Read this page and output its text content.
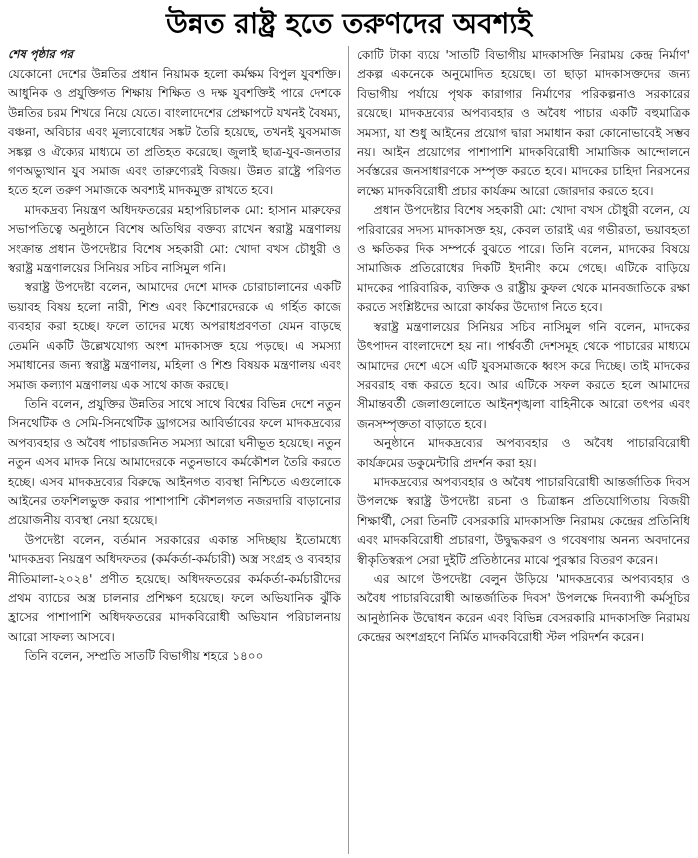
উন্নত রাষ্ট্র হতে তরুণদের অবশ্যই
শেষ পৃষ্ঠার পর

যেকোনো দেশের উন্নতির প্রধান নিয়ামক হলো কর্মক্ষম বিপুল যুবশক্তি। আধুনিক ও প্রযুক্তিগত শিক্ষায় শিক্ষিত ও দক্ষ যুবশক্তিই পারে দেশকে উন্নতির চরম শিখরে নিয়ে যেতে। বাংলাদেশের প্রেক্ষাপটে যখনই বৈষম্য, বঞ্চনা, অবিচার এবং মূল্যবোধের সঙ্কট তৈরি হয়েছে, তখনই যুবসমাজ সঙ্কল্প ও ঐক্যের মাধ্যমে তা প্রতিহত করেছে। জুলাই ছাত্র-যুব-জনতার গণঅভ্যুত্থান যুব সমাজ এবং তারুণ্যেরই বিজয়। উন্নত রাষ্ট্রে পরিণত হতে হলে তরুণ সমাজকে অবশ্যই মাদকমুক্ত রাখতে হবে।

মাদকদ্রব্য নিয়ন্ত্রণ অধিদফতরের মহাপরিচালক মো: হাসান মারুফের সভাপতিত্বে অনুষ্ঠানে বিশেষ অতিথির বক্তব্য রাখেন স্বরাষ্ট্র মন্ত্রণালয় সংক্রান্ত প্রধান উপদেষ্টার বিশেষ সহকারী মো: খোদা বখস চৌধুরী ও স্বরাষ্ট্র মন্ত্রণালয়ের সিনিয়র সচিব নাসিমুল গনি।

স্বরাষ্ট্র উপদেষ্টা বলেন, আমাদের দেশে মাদক চোরাচালানের একটি ভয়াবহ বিষয় হলো নারী, শিশু এবং কিশোরদেরকে এ গর্হিত কাজে ব্যবহার করা হচ্ছে। ফলে তাদের মধ্যে অপরাধপ্রবণতা যেমন বাড়ছে তেমনি একটি উল্লেখযোগ্য অংশ মাদকাসক্ত হয়ে পড়ছে। এ সমস্যা সমাধানের জন্য স্বরাষ্ট্র মন্ত্রণালয়, মহিলা ও শিশু বিষয়ক মন্ত্রণালয় এবং সমাজ কল্যাণ মন্ত্রণালয় এক সাথে কাজ করছে।

তিনি বলেন, প্রযুক্তির উন্নতির সাথে সাথে বিশ্বের বিভিন্ন দেশে নতুন সিনথেটিক ও সেমি-সিনথেটিক ড্রাগসের আবির্ভাবের ফলে মাদকদ্রব্যের অপব্যবহার ও অবৈধ পাচারজনিত সমস্যা আরো ঘনীভূত হয়েছে। নতুন নতুন এসব মাদক নিয়ে আমাদেরকে নতুনভাবে কর্মকৌশল তৈরি করতে হচ্ছে। এসব মাদকদ্রব্যের বিরুদ্ধে আইনগত ব্যবস্থা নিশ্চিতে এগুলোকে আইনের তফশিলভুক্ত করার পাশাপাশি কৌশলগত নজরদারি বাড়ানোর প্রয়োজনীয় ব্যবস্থা নেয়া হয়েছে।

উপদেষ্টা বলেন, বর্তমান সরকারের একান্ত সদিচ্ছায় ইতোমধ্যে 'মাদকদ্রব্য নিয়ন্ত্রণ অধিদফতর (কর্মকর্তা-কর্মচারী) অস্ত্র সংগ্রহ ও ব্যবহার নীতিমালা-২০২৪' প্রণীত হয়েছে। অধিদফতরের কর্মকর্তা-কর্মচারীদের প্রথম ব্যাচের অস্ত্র চালনার প্রশিক্ষণ হয়েছে। ফলে অভিযানিক ঝুঁকি হ্রাসের পাশাপাশি অধিদফতরের মাদকবিরোধী অভিযান পরিচালনায় আরো সাফল্য আসবে।

তিনি বলেন, সম্প্রতি সাতটি বিভাগীয় শহরে ১৪০০

কোটি টাকা ব্যয়ে 'সাতটি বিভাগীয় মাদকাসক্তি নিরাময় কেন্দ্র নির্মাণ' প্রকল্প একনেকে অনুমোদিত হয়েছে। তা ছাড়া মাদকাসক্তদের জন্য বিভাগীয় পর্যায়ে পৃথক কারাগার নির্মাণের পরিকল্পনাও সরকারের রয়েছে। মাদকদ্রব্যের অপব্যবহার ও অবৈধ পাচার একটি বহুমাত্রিক সমস্যা, যা শুধু আইনের প্রয়োগ দ্বারা সমাধান করা কোনোভাবেই সম্ভব নয়। আইন প্রয়োগের পাশাপাশি মাদকবিরোধী সামাজিক আন্দোলনে সর্বস্তরের জনসাধারণকে সম্পৃক্ত করতে হবে। মাদকের চাহিদা নিরসনের লক্ষ্যে মাদকবিরোধী প্রচার কার্যক্রম আরো জোরদার করতে হবে।

প্রধান উপদেষ্টার বিশেষ সহকারী মো: খোদা বখস চৌধুরী বলেন, যে পরিবারের সদস্য মাদকাসক্ত হয়, কেবল তারাই এর গভীরতা, ভয়াবহতা ও ক্ষতিকর দিক সম্পর্কে বুঝতে পারে। তিনি বলেন, মাদকের বিষয়ে সামাজিক প্রতিরোধের দিকটি ইদানীং কমে গেছে। এটিকে বাড়িয়ে মাদকের পারিবারিক, ব্যক্তিক ও রাষ্ট্রীয় কুফল থেকে মানবজাতিকে রক্ষা করতে সংশ্লিষ্টদের আরো কার্যকর উদ্যোগ নিতে হবে।

স্বরাষ্ট্র মন্ত্রণালয়ের সিনিয়র সচিব নাসিমুল গনি বলেন, মাদকের উৎপাদন বাংলাদেশে হয় না। পার্শ্ববর্তী দেশসমূহ থেকে পাচারের মাধ্যমে আমাদের দেশে এসে এটি যুবসমাজকে ধ্বংস করে দিচ্ছে। তাই মাদকের সরবরাহ বন্ধ করতে হবে। আর এটিকে সফল করতে হলে আমাদের সীমান্তবর্তী জেলাগুলোতে আইনশৃঙ্খলা বাহিনীকে আরো তৎপর এবং জনসম্পৃক্ততা বাড়াতে হবে।

অনুষ্ঠানে মাদকদ্রব্যের অপব্যবহার ও অবৈধ পাচারবিরোধী কার্যক্রমের ডকুমেন্টারি প্রদর্শন করা হয়।

মাদকদ্রব্যের অপব্যবহার ও অবৈধ পাচারবিরোধী আন্তর্জাতিক দিবস উপলক্ষে স্বরাষ্ট্র উপদেষ্টা রচনা ও চিত্রাঙ্কন প্রতিযোগিতায় বিজয়ী শিক্ষার্থী, সেরা তিনটি বেসরকারি মাদকাসক্তি নিরাময় কেন্দ্রের প্রতিনিধি এবং মাদকবিরোধী প্রচারণা, উদ্বুদ্ধকরণ ও গবেষণায় অনন্য অবদানের স্বীকৃতিস্বরূপ সেরা দুইটি প্রতিষ্ঠানের মাঝে পুরস্কার বিতরণ করেন।

এর আগে উপদেষ্টা বেলুন উড়িয়ে 'মাদকদ্রব্যের অপব্যবহার ও অবৈধ পাচারবিরোধী আন্তর্জাতিক দিবস' উপলক্ষে দিনব্যাপী কর্মসূচির আনুষ্ঠানিক উদ্বোধন করেন এবং বিভিন্ন বেসরকারি মাদকাসক্তি নিরাময় কেন্দ্রের অংশগ্রহণে নির্মিত মাদকবিরোধী স্টল পরিদর্শন করেন।
